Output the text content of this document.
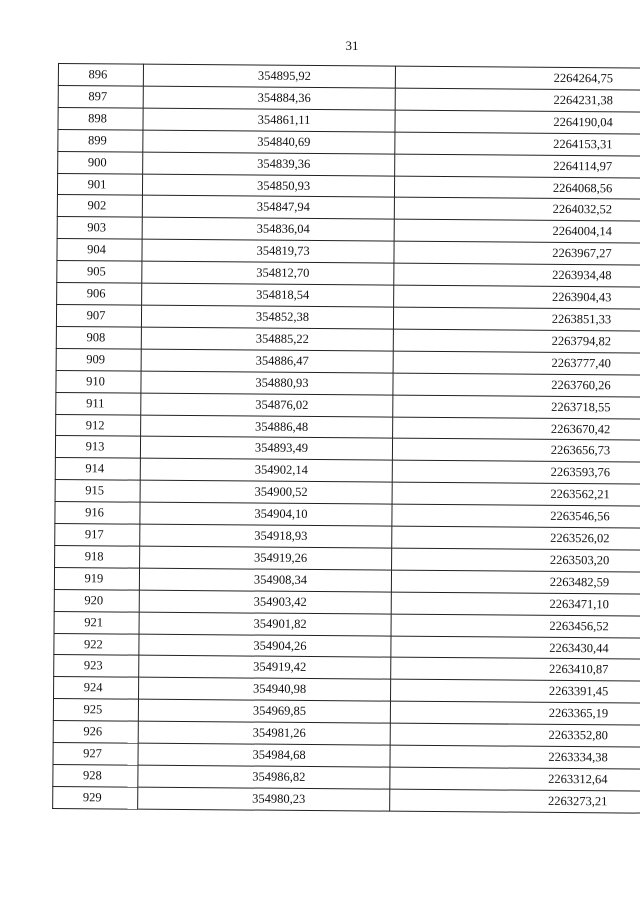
31
896	354895,92	2264264,75
897	354884,36	2264231,38
898	354861,11	2264190,04
899	354840,69	2264153,31
900	354839,36	2264114,97
901	354850,93	2264068,56
902	354847,94	2264032,52
903	354836,04	2264004,14
904	354819,73	2263967,27
905	354812,70	2263934,48
906	354818,54	2263904,43
907	354852,38	2263851,33
908	354885,22	2263794,82
909	354886,47	2263777,40
910	354880,93	2263760,26
911	354876,02	2263718,55
912	354886,48	2263670,42
913	354893,49	2263656,73
914	354902,14	2263593,76
915	354900,52	2263562,21
916	354904,10	2263546,56
917	354918,93	2263526,02
918	354919,26	2263503,20
919	354908,34	2263482,59
920	354903,42	2263471,10
921	354901,82	2263456,52
922	354904,26	2263430,44
923	354919,42	2263410,87
924	354940,98	2263391,45
925	354969,85	2263365,19
926	354981,26	2263352,80
927	354984,68	2263334,38
928	354986,82	2263312,64
929	354980,23	2263273,21
